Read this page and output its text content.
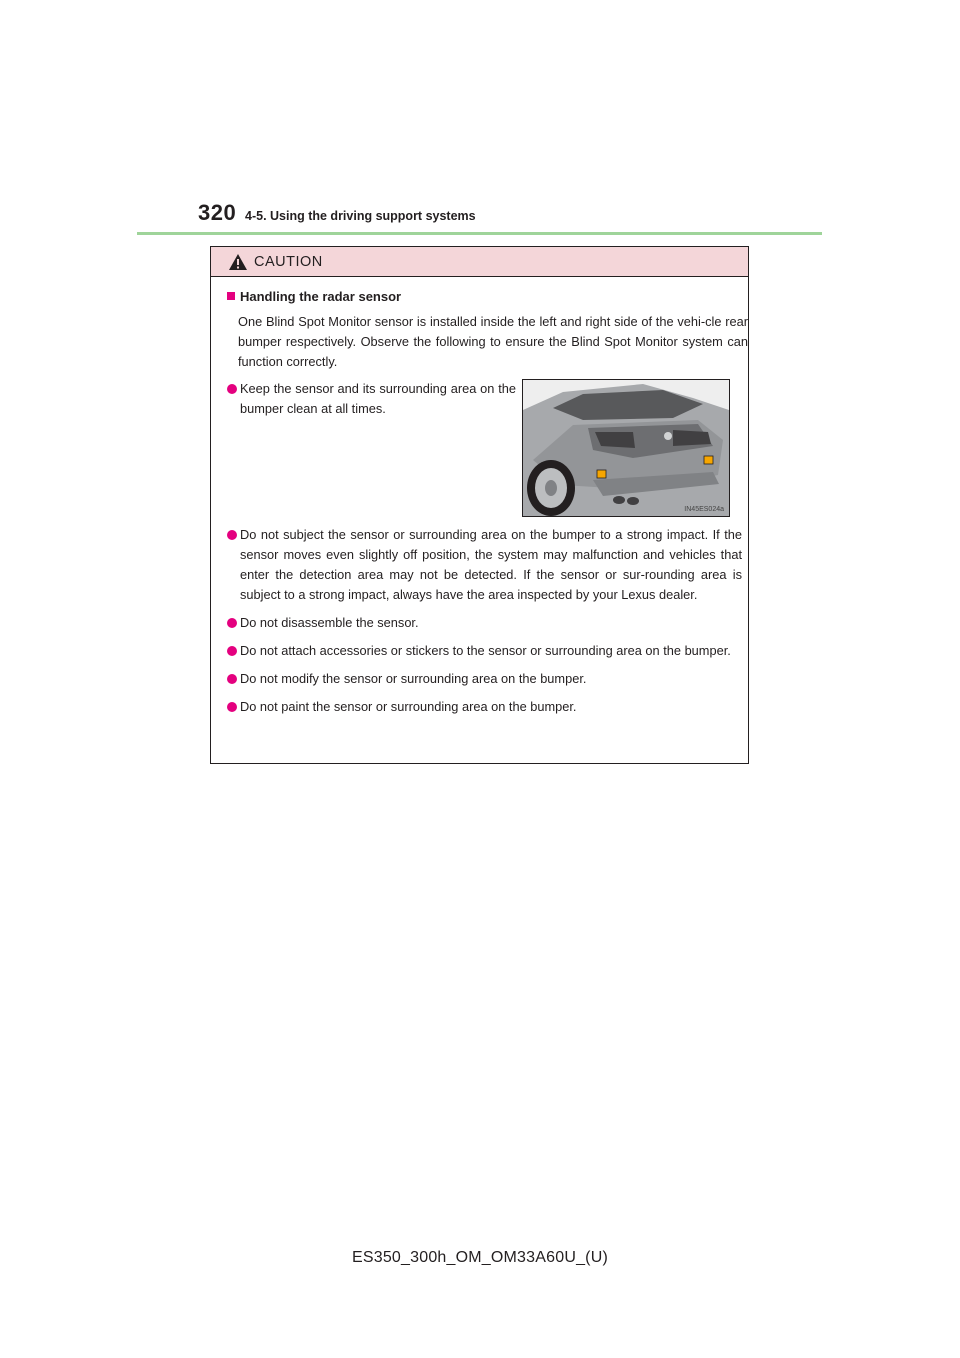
320 4-5. Using the driving support systems
CAUTION
Handling the radar sensor

One Blind Spot Monitor sensor is installed inside the left and right side of the vehi-cle rear bumper respectively. Observe the following to ensure the Blind Spot Monitor system can function correctly.

Keep the sensor and its surrounding area on the bumper clean at all times.
IN45ES024a
Do not subject the sensor or surrounding area on the bumper to a strong impact. If the sensor moves even slightly off position, the system may malfunction and vehicles that enter the detection area may not be detected. If the sensor or sur-rounding area is subject to a strong impact, always have the area inspected by your Lexus dealer.
Do not disassemble the sensor.
Do not attach accessories or stickers to the sensor or surrounding area on the bumper.
Do not modify the sensor or surrounding area on the bumper.
Do not paint the sensor or surrounding area on the bumper.
ES350_300h_OM_OM33A60U_(U)
